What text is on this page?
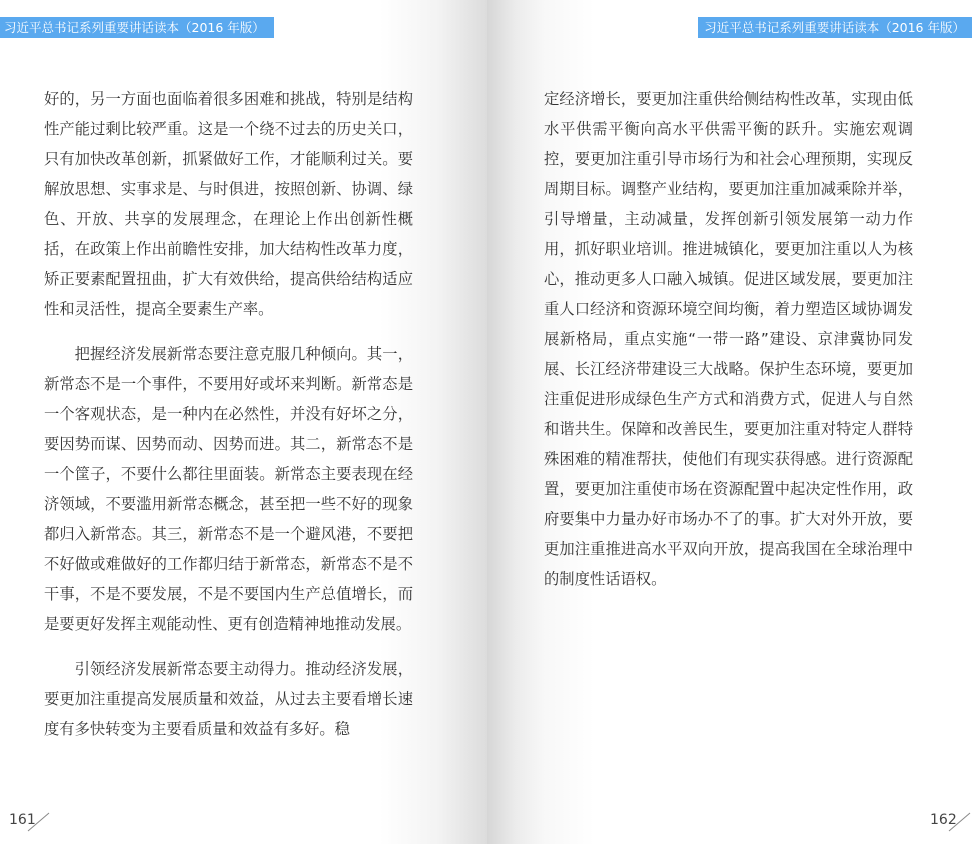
习近平总书记系列重要讲话读本（2016 年版）

好的，另一方面也面临着很多困难和挑战，特别是结构性产能过剩比较严重。这是一个绕不过去的历史关口，只有加快改革创新，抓紧做好工作，才能顺利过关。要解放思想、实事求是、与时俱进，按照创新、协调、绿色、开放、共享的发展理念，在理论上作出创新性概括，在政策上作出前瞻性安排，加大结构性改革力度，矫正要素配置扭曲，扩大有效供给，提高供给结构适应性和灵活性，提高全要素生产率。

把握经济发展新常态要注意克服几种倾向。其一，新常态不是一个事件，不要用好或坏来判断。新常态是一个客观状态，是一种内在必然性，并没有好坏之分，要因势而谋、因势而动、因势而进。其二，新常态不是一个筐子，不要什么都往里面装。新常态主要表现在经济领域，不要滥用新常态概念，甚至把一些不好的现象都归入新常态。其三，新常态不是一个避风港，不要把不好做或难做好的工作都归结于新常态，新常态不是不干事，不是不要发展，不是不要国内生产总值增长，而是要更好发挥主观能动性、更有创造精神地推动发展。

引领经济发展新常态要主动得力。推动经济发展，要更加注重提高发展质量和效益，从过去主要看增长速度有多快转变为主要看质量和效益有多好。稳

161
习近平总书记系列重要讲话读本（2016 年版）

定经济增长，要更加注重供给侧结构性改革，实现由低水平供需平衡向高水平供需平衡的跃升。实施宏观调控，要更加注重引导市场行为和社会心理预期，实现反周期目标。调整产业结构，要更加注重加减乘除并举，引导增量，主动减量，发挥创新引领发展第一动力作用，抓好职业培训。推进城镇化，要更加注重以人为核心，推动更多人口融入城镇。促进区域发展，要更加注重人口经济和资源环境空间均衡，着力塑造区域协调发展新格局，重点实施“一带一路”建设、京津冀协同发展、长江经济带建设三大战略。保护生态环境，要更加注重促进形成绿色生产方式和消费方式，促进人与自然和谐共生。保障和改善民生，要更加注重对特定人群特殊困难的精准帮扶，使他们有现实获得感。进行资源配置，要更加注重使市场在资源配置中起决定性作用，政府要集中力量办好市场办不了的事。扩大对外开放，要更加注重推进高水平双向开放，提高我国在全球治理中的制度性话语权。

162
